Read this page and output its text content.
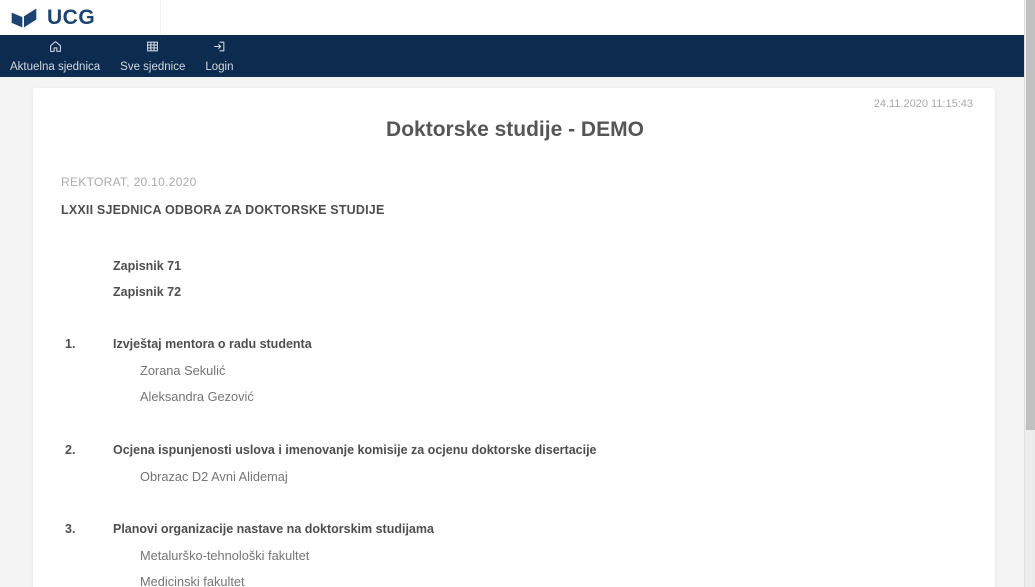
UCG
Aktuelna sjednica Sve sjednice Login
24.11.2020 11:15:43
Doktorske studije - DEMO
REKTORAT, 20.10.2020
LXXII SJEDNICA ODBORA ZA DOKTORSKE STUDIJE
Zapisnik 71
Zapisnik 72
1.	Izvještaj mentora o radu studenta
Zorana Sekulić
Aleksandra Gezović
2.	Ocjena ispunjenosti uslova i imenovanje komisije za ocjenu doktorske disertacije
Obrazac D2 Avni Alidemaj
3.	Planovi organizacije nastave na doktorskim studijama
Metalurško-tehnološki fakultet
Medicinski fakultet
